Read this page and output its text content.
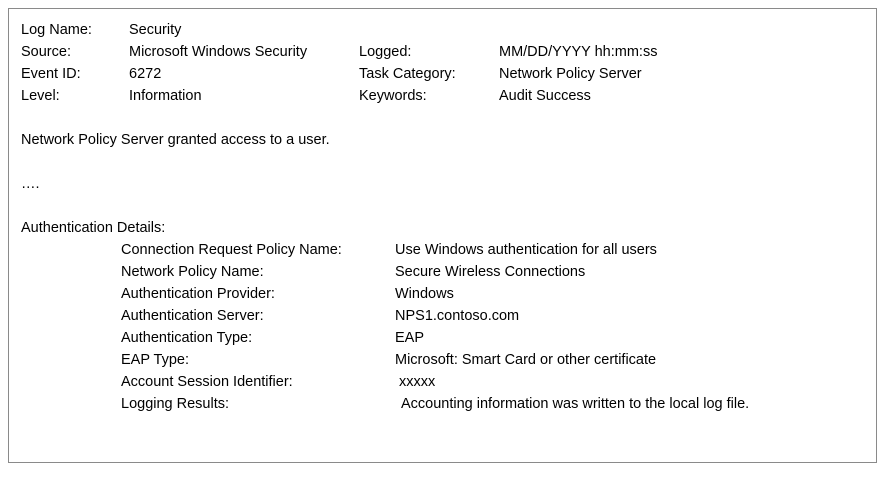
Log Name:	Security
Source:	Microsoft Windows Security	Logged:	MM/DD/YYYY hh:mm:ss
Event ID:	6272	Task Category:	Network Policy Server
Level:	Information	Keywords:	Audit Success
Network Policy Server granted access to a user.
….
Authentication Details:
Connection Request Policy Name:	Use Windows authentication for all users
Network Policy Name:	Secure Wireless Connections
Authentication Provider:	Windows
Authentication Server:	NPS1.contoso.com
Authentication Type:	EAP
EAP Type:	Microsoft: Smart Card or other certificate
Account Session Identifier:	xxxxx
Logging Results:	Accounting information was written to the local log file.
